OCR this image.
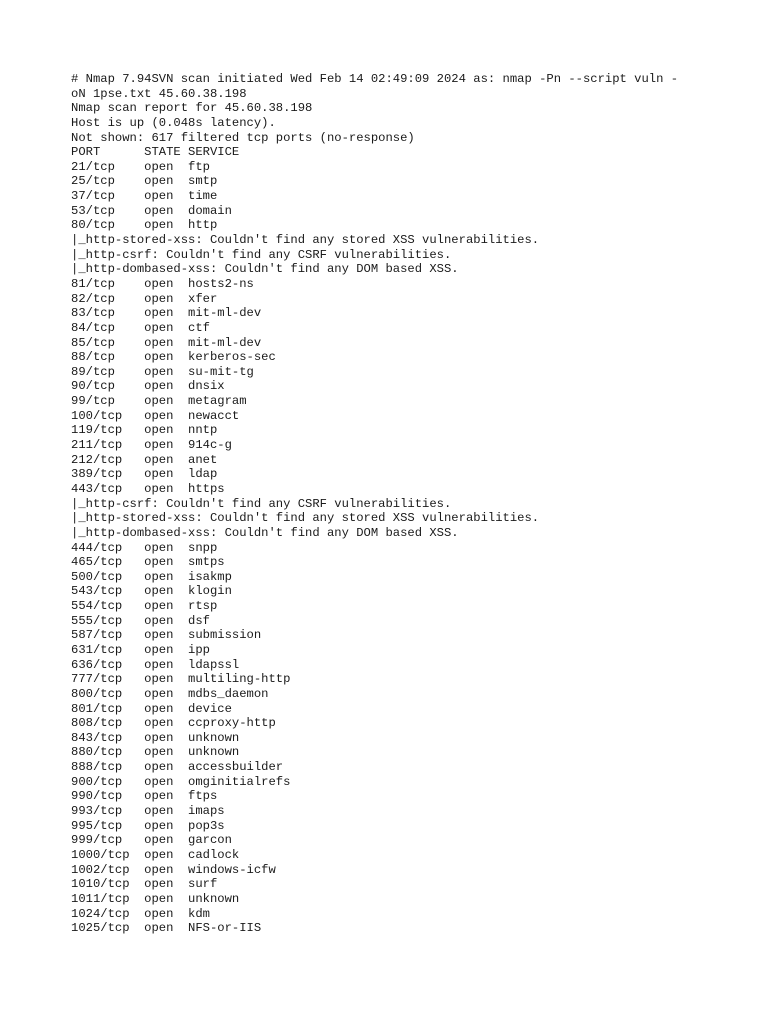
# Nmap 7.94SVN scan initiated Wed Feb 14 02:49:09 2024 as: nmap -Pn --script vuln -
oN 1pse.txt 45.60.38.198
Nmap scan report for 45.60.38.198
Host is up (0.048s latency).
Not shown: 617 filtered tcp ports (no-response)
PORT      STATE SERVICE
21/tcp    open  ftp
25/tcp    open  smtp
37/tcp    open  time
53/tcp    open  domain
80/tcp    open  http
|_http-stored-xss: Couldn't find any stored XSS vulnerabilities.
|_http-csrf: Couldn't find any CSRF vulnerabilities.
|_http-dombased-xss: Couldn't find any DOM based XSS.
81/tcp    open  hosts2-ns
82/tcp    open  xfer
83/tcp    open  mit-ml-dev
84/tcp    open  ctf
85/tcp    open  mit-ml-dev
88/tcp    open  kerberos-sec
89/tcp    open  su-mit-tg
90/tcp    open  dnsix
99/tcp    open  metagram
100/tcp   open  newacct
119/tcp   open  nntp
211/tcp   open  914c-g
212/tcp   open  anet
389/tcp   open  ldap
443/tcp   open  https
|_http-csrf: Couldn't find any CSRF vulnerabilities.
|_http-stored-xss: Couldn't find any stored XSS vulnerabilities.
|_http-dombased-xss: Couldn't find any DOM based XSS.
444/tcp   open  snpp
465/tcp   open  smtps
500/tcp   open  isakmp
543/tcp   open  klogin
554/tcp   open  rtsp
555/tcp   open  dsf
587/tcp   open  submission
631/tcp   open  ipp
636/tcp   open  ldapssl
777/tcp   open  multiling-http
800/tcp   open  mdbs_daemon
801/tcp   open  device
808/tcp   open  ccproxy-http
843/tcp   open  unknown
880/tcp   open  unknown
888/tcp   open  accessbuilder
900/tcp   open  omginitialrefs
990/tcp   open  ftps
993/tcp   open  imaps
995/tcp   open  pop3s
999/tcp   open  garcon
1000/tcp  open  cadlock
1002/tcp  open  windows-icfw
1010/tcp  open  surf
1011/tcp  open  unknown
1024/tcp  open  kdm
1025/tcp  open  NFS-or-IIS
